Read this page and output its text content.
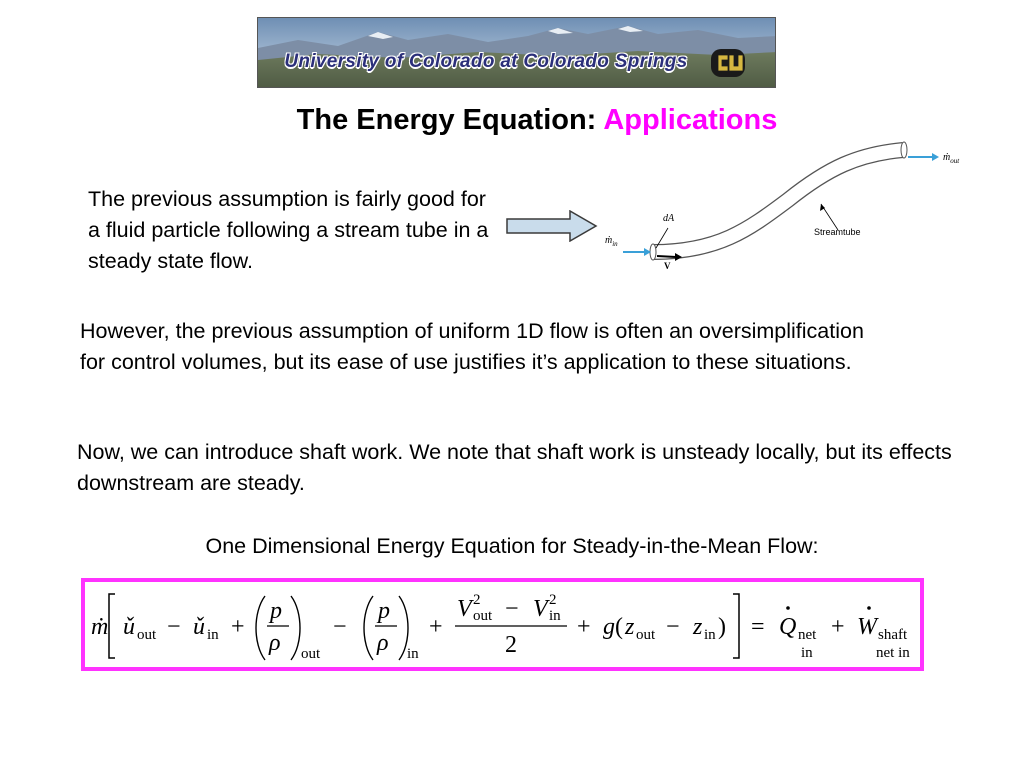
University of Colorado at Colorado Springs
The Energy Equation: Applications
The previous assumption is fairly good for a fluid particle following a stream tube in a steady state flow.
ṁ$_{out}$
ṁ$_{in}$
dA
Streamtube
V
However, the previous assumption of uniform 1D flow is often an oversimplification for control volumes, but its ease of use justifies it’s application to these situations.
Now, we can introduce shaft work. We note that shaft work is unsteady locally, but its effects downstream are steady.
One Dimensional Energy Equation for Steady-in-the-Mean Flow:
ṁ ǔ out − ǔ in +
p
ρ out
−
p
ρ in
+
V 2
out − V 2
in
2
+ g ( z out − z in ) = Q net
in
+ W shaft
net in
